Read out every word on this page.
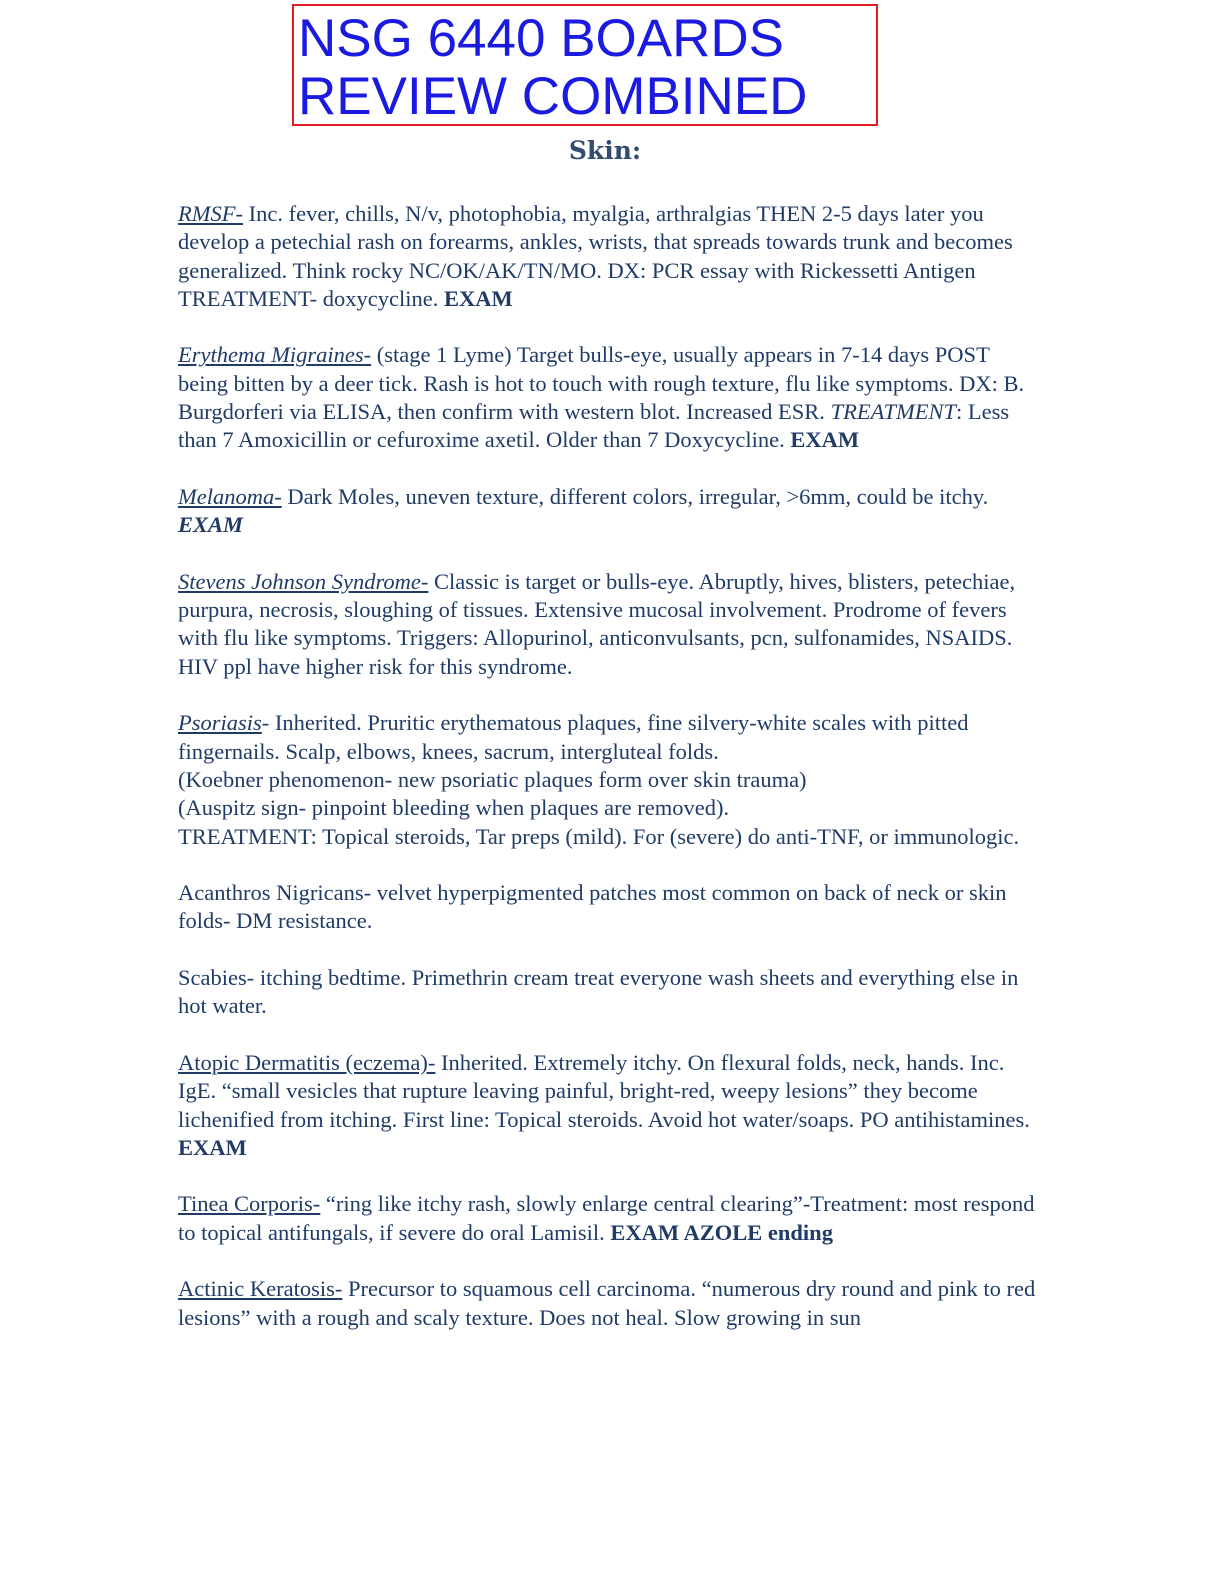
NSG 6440 BOARDS
REVIEW COMBINED
Skin:

RMSF- Inc. fever, chills, N/v, photophobia, myalgia, arthralgias THEN 2-5 days later you develop a petechial rash on forearms, ankles, wrists, that spreads towards trunk and becomes generalized. Think rocky NC/OK/AK/TN/MO. DX: PCR essay with Rickessetti Antigen TREATMENT- doxycycline. EXAM

Erythema Migraines- (stage 1 Lyme) Target bulls-eye, usually appears in 7-14 days POST being bitten by a deer tick. Rash is hot to touch with rough texture, flu like symptoms. DX: B. Burgdorferi via ELISA, then confirm with western blot. Increased ESR. TREATMENT: Less than 7 Amoxicillin or cefuroxime axetil. Older than 7 Doxycycline. EXAM

Melanoma- Dark Moles, uneven texture, different colors, irregular, >6mm, could be itchy. EXAM

Stevens Johnson Syndrome- Classic is target or bulls-eye. Abruptly, hives, blisters, petechiae, purpura, necrosis, sloughing of tissues. Extensive mucosal involvement. Prodrome of fevers with flu like symptoms. Triggers: Allopurinol, anticonvulsants, pcn, sulfonamides, NSAIDS. HIV ppl have higher risk for this syndrome.

Psoriasis- Inherited. Pruritic erythematous plaques, fine silvery-white scales with pitted fingernails. Scalp, elbows, knees, sacrum, intergluteal folds.
(Koebner phenomenon- new psoriatic plaques form over skin trauma)
(Auspitz sign- pinpoint bleeding when plaques are removed).
TREATMENT: Topical steroids, Tar preps (mild). For (severe) do anti-TNF, or immunologic.

Acanthros Nigricans- velvet hyperpigmented patches most common on back of neck or skin folds- DM resistance.

Scabies- itching bedtime. Primethrin cream treat everyone wash sheets and everything else in hot water.

Atopic Dermatitis (eczema)- Inherited. Extremely itchy. On flexural folds, neck, hands. Inc. IgE. “small vesicles that rupture leaving painful, bright-red, weepy lesions” they become lichenified from itching. First line: Topical steroids. Avoid hot water/soaps. PO antihistamines. EXAM

Tinea Corporis- “ring like itchy rash, slowly enlarge central clearing”-Treatment: most respond to topical antifungals, if severe do oral Lamisil. EXAM AZOLE ending

Actinic Keratosis- Precursor to squamous cell carcinoma. “numerous dry round and pink to red lesions” with a rough and scaly texture. Does not heal. Slow growing in sun
